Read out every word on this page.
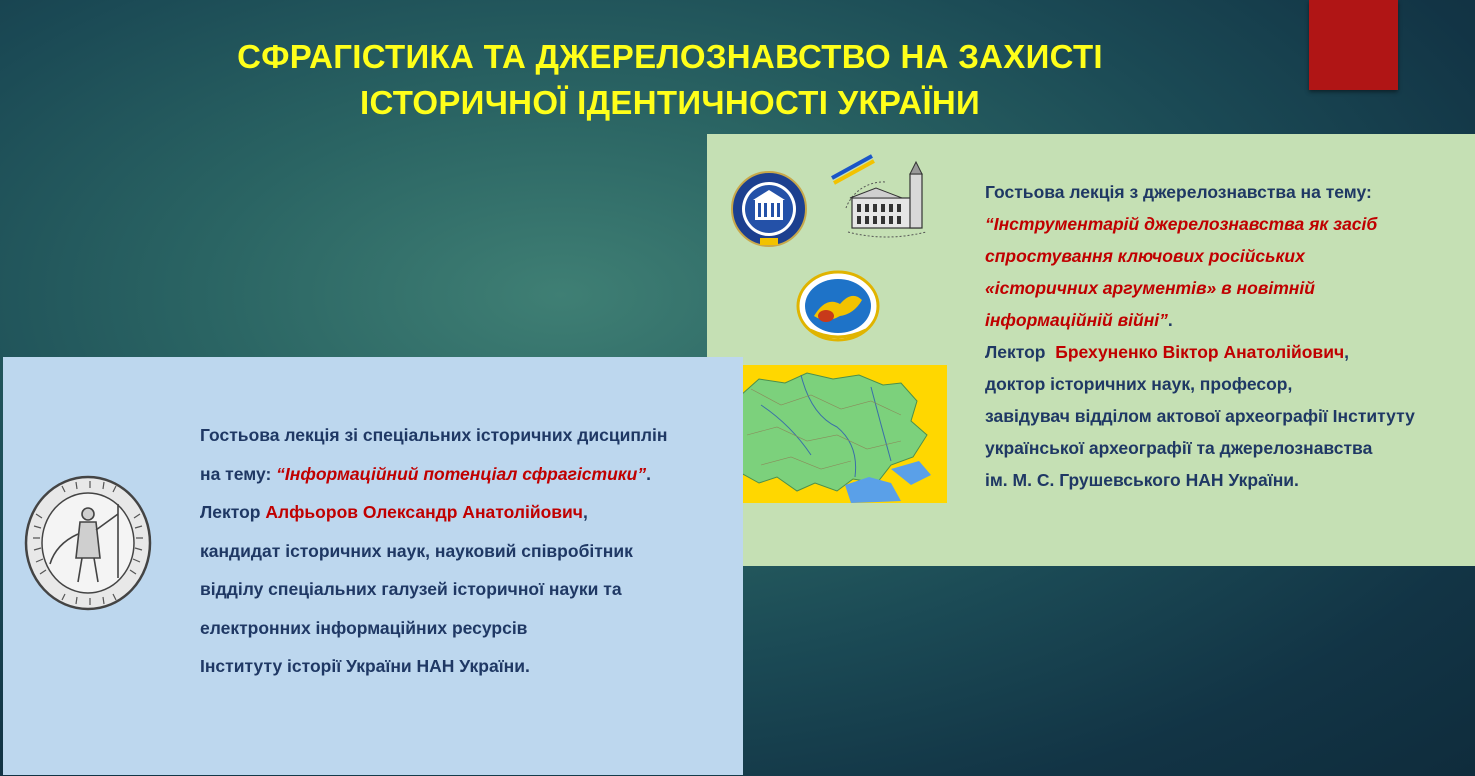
СФРАГІСТИКА ТА ДЖЕРЕЛОЗНАВСТВО НА ЗАХИСТІ
ІСТОРИЧНОЇ ІДЕНТИЧНОСТІ УКРАЇНИ
Гостьова лекція з джерелознавства на тему:
“Інструментарій джерелознавства як засіб
спростування ключових російських
«історичних аргументів» в новітній
інформаційній війні”.
Лектор Брехуненко Віктор Анатолійович,
доктор історичних наук, професор,
завідувач відділом актової археографії Інституту
української археографії та джерелознавства
ім. М. С. Грушевського НАН України.
Гостьова лекція зі спеціальних історичних дисциплін
на тему: “Інформаційний потенціал сфрагістики”.
Лектор Алфьоров Олександр Анатолійович,
кандидат історичних наук, науковий співробітник
відділу спеціальних галузей історичної науки та
електронних інформаційних ресурсів
Інституту історії України НАН України.
